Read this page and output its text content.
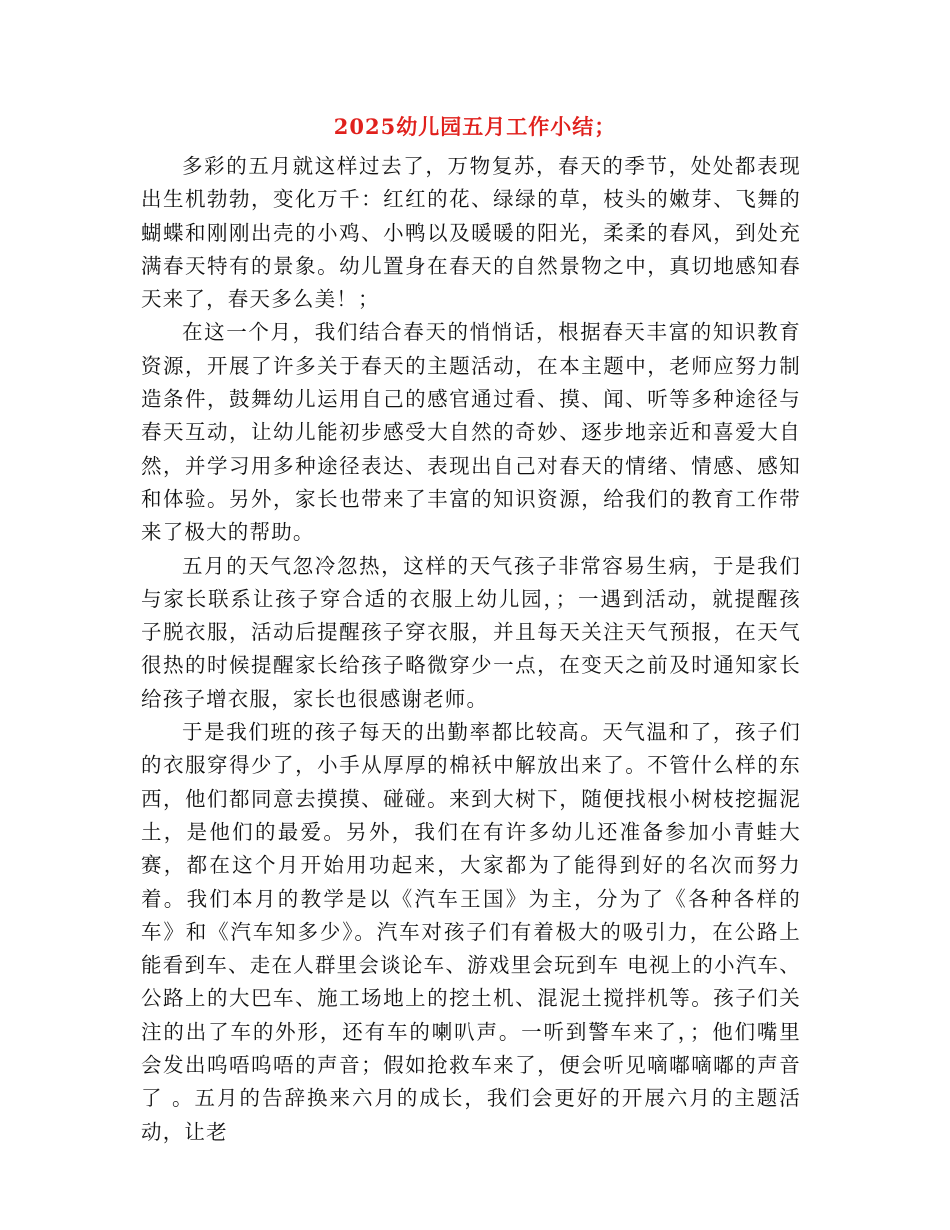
2025幼儿园五月工作小结；

多彩的五月就这样过去了，万物复苏，春天的季节，处处都表现出生机勃勃，变化万千：红红的花、绿绿的草，枝头的嫩芽、飞舞的蝴蝶和刚刚出壳的小鸡、小鸭以及暖暖的阳光，柔柔的春风，到处充满春天特有的景象。幼儿置身在春天的自然景物之中，真切地感知春天来了，春天多么美！；

在这一个月，我们结合春天的悄悄话，根据春天丰富的知识教育资源，开展了许多关于春天的主题活动，在本主题中，老师应努力制造条件，鼓舞幼儿运用自己的感官通过看、摸、闻、听等多种途径与春天互动，让幼儿能初步感受大自然的奇妙、逐步地亲近和喜爱大自然，并学习用多种途径表达、表现出自己对春天的情绪、情感、感知和体验。另外，家长也带来了丰富的知识资源，给我们的教育工作带来了极大的帮助。

五月的天气忽冷忽热，这样的天气孩子非常容易生病，于是我们与家长联系让孩子穿合适的衣服上幼儿园，；一遇到活动，就提醒孩子脱衣服，活动后提醒孩子穿衣服，并且每天关注天气预报，在天气很热的时候提醒家长给孩子略微穿少一点，在变天之前及时通知家长给孩子增衣服，家长也很感谢老师。

于是我们班的孩子每天的出勤率都比较高。天气温和了，孩子们的衣服穿得少了，小手从厚厚的棉袄中解放出来了。不管什么样的东西，他们都同意去摸摸、碰碰。来到大树下，随便找根小树枝挖掘泥土，是他们的最爱。另外，我们在有许多幼儿还准备参加小青蛙大赛，都在这个月开始用功起来，大家都为了能得到好的名次而努力着。我们本月的教学是以《汽车王国》为主，分为了《各种各样的车》和《汽车知多少》。汽车对孩子们有着极大的吸引力，在公路上能看到车、走在人群里会谈论车、游戏里会玩到车 电视上的小汽车、公路上的大巴车、施工场地上的挖土机、混泥土搅拌机等。孩子们关注的出了车的外形，还有车的喇叭声。一听到警车来了，；他们嘴里会发出呜唔呜唔的声音；假如抢救车来了，便会听见嘀嘟嘀嘟的声音了 。五月的告辞换来六月的成长，我们会更好的开展六月的主题活动，让老
